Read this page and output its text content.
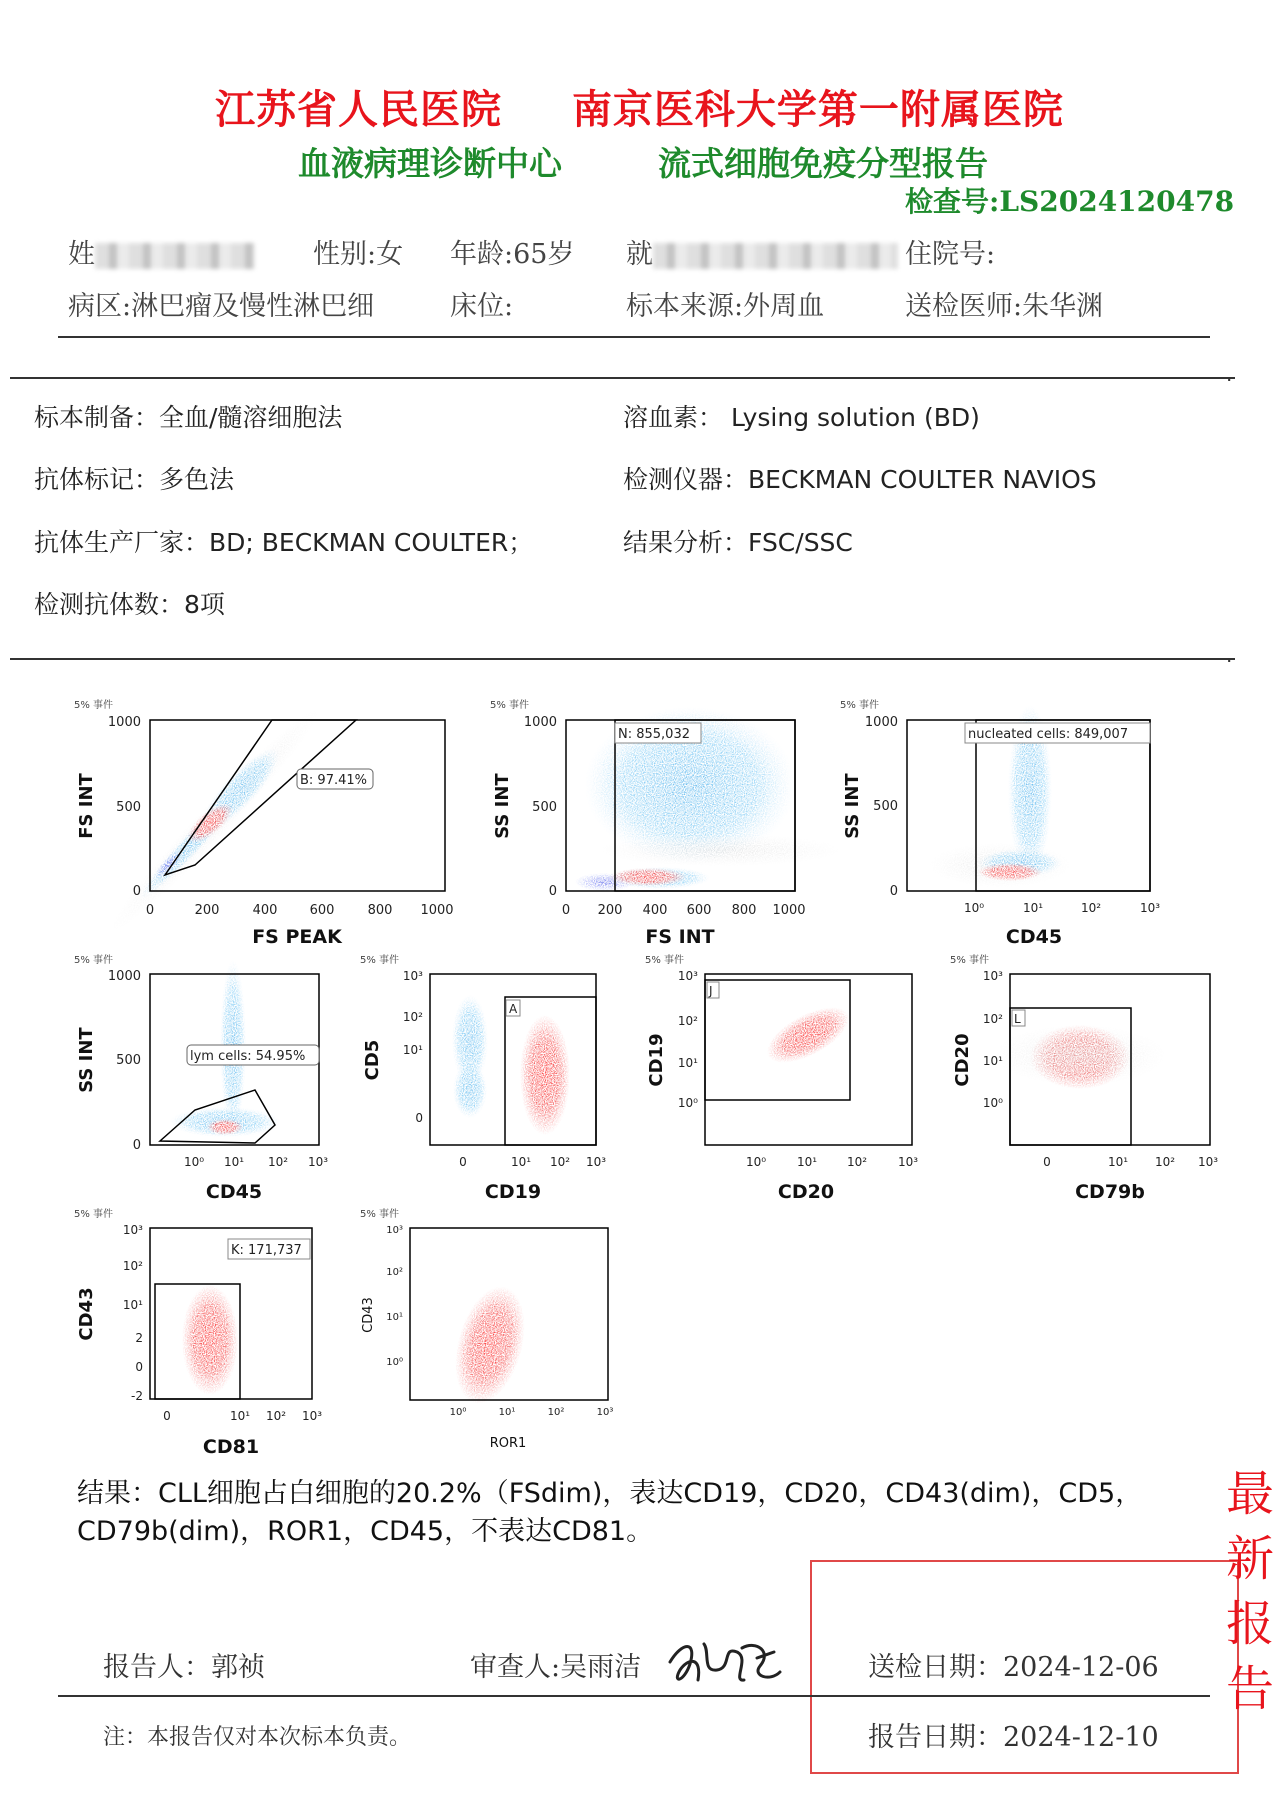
江苏省人民医院 南京医科大学第一附属医院
血液病理诊断中心	流式细胞免疫分型报告
检查号:LS2024120478
姓	性别:女 年龄:65岁 就	住院号:
病区:淋巴瘤及慢性淋巴细	床位:	标本来源:外周血	送检医师:朱华渊
.
标本制备：全血/髓溶细胞法	溶血素： Lysing solution (BD)
抗体标记：多色法	检测仪器：BECKMAN COULTER NAVIOS
抗体生产厂家：BD; BECKMAN COULTER；	结果分析：FSC/SSC
检测抗体数：8项
.
5% 事件
B: 97.41%
1000
500
0
0	200	400 600	800 1000
FS PEAK
FS INT
5% 事件
N: 855,032
1000
500
0
0 200 400 600 800 1000
FS INT
SS INT
5% 事件
nucleated cells: 849,007
1000
500
0
10⁰	10¹	10²	10³
CD45
SS INT
5% 事件
lym cells: 54.95%
1000
500
0
10⁰ 10¹ 10² 10³
CD45
SS INT
5% 事件
A
10³
10²
10¹
0
0	10¹ 10² 10³
CD19
CD5
5% 事件
J
10³
10²
10¹
10⁰
10⁰	10¹ 10²	10³
CD20
CD19
5% 事件
L
10³
10²
10¹
10⁰
0	10¹ 10² 10³
CD79b
CD20
5% 事件
K: 171,737
10³
10²
10¹
2
0
-2
0	10¹ 10² 10³
CD81
CD43
5% 事件
10³
10²
10¹
10⁰
10⁰	10¹	10²	10³
ROR1
CD43
结果：CLL细胞占白细胞的20.2%（FSdim)，表达CD19，CD20，CD43(dim)，CD5，
CD79b(dim)，ROR1，CD45，不表达CD81。
最
新
报
告
报告人：郭祯	审查人:吴雨洁	送检日期：2024-12-06
注：本报告仅对本次标本负责。	报告日期：2024-12-10
